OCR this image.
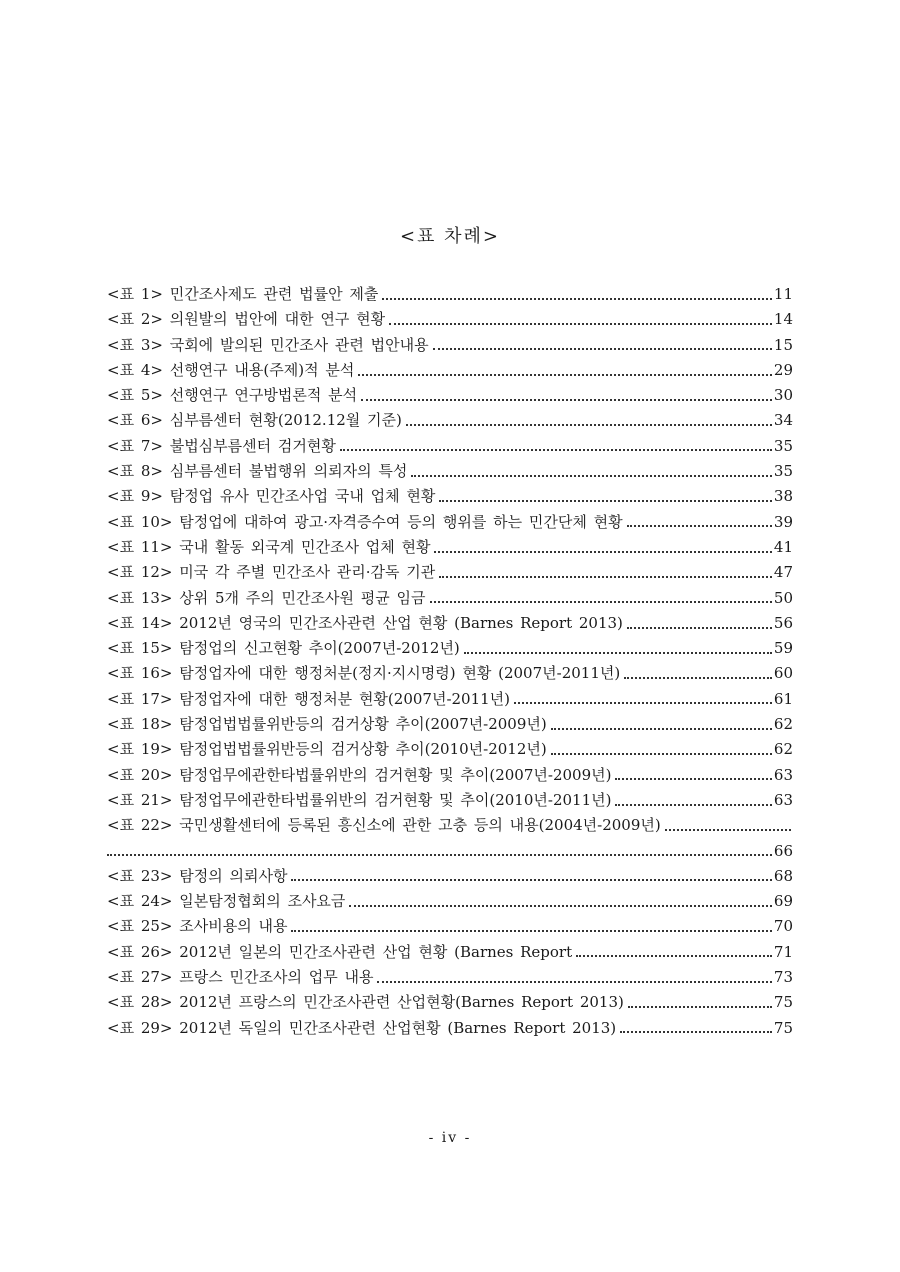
<표 차례>
<표 1> 민간조사제도 관련 법률안 제출	11
<표 2> 의원발의 법안에 대한 연구 현황	14
<표 3> 국회에 발의된 민간조사 관련 법안내용	15
<표 4> 선행연구 내용(주제)적 분석	29
<표 5> 선행연구 연구방법론적 분석	30
<표 6> 심부름센터 현황(2012.12월 기준)	34
<표 7> 불법심부름센터 검거현황	35
<표 8> 심부름센터 불법행위 의뢰자의 특성	35
<표 9> 탐정업 유사 민간조사업 국내 업체 현황	38
<표 10> 탐정업에 대하여 광고·자격증수여 등의 행위를 하는 민간단체 현황	39
<표 11> 국내 활동 외국계 민간조사 업체 현황	41
<표 12> 미국 각 주별 민간조사 관리·감독 기관	47
<표 13> 상위 5개 주의 민간조사원 평균 임금	50
<표 14> 2012년 영국의 민간조사관련 산업 현황 (Barnes Report 2013)	56
<표 15> 탐정업의 신고현황 추이(2007년-2012년)	59
<표 16> 탐정업자에 대한 행정처분(정지·지시명령) 현황 (2007년-2011년)	60
<표 17> 탐정업자에 대한 행정처분 현황(2007년-2011년)	61
<표 18> 탐정업법법률위반등의 검거상황 추이(2007년-2009년)	62
<표 19> 탐정업법법률위반등의 검거상황 추이(2010년-2012년)	62
<표 20> 탐정업무에관한타법률위반의 검거현황 및 추이(2007년-2009년)	63
<표 21> 탐정업무에관한타법률위반의 검거현황 및 추이(2010년-2011년)	63
<표 22> 국민생활센터에 등록된 흥신소에 관한 고충 등의 내용(2004년-2009년)
66
<표 23> 탐정의 의뢰사항	68
<표 24> 일본탐정협회의 조사요금	69
<표 25> 조사비용의 내용	70
<표 26> 2012년 일본의 민간조사관련 산업 현황 (Barnes Report	71
<표 27> 프랑스 민간조사의 업무 내용	73
<표 28> 2012년 프랑스의 민간조사관련 산업현황(Barnes Report 2013)	75
<표 29> 2012년 독일의 민간조사관련 산업현황 (Barnes Report 2013)	75
- iv -
